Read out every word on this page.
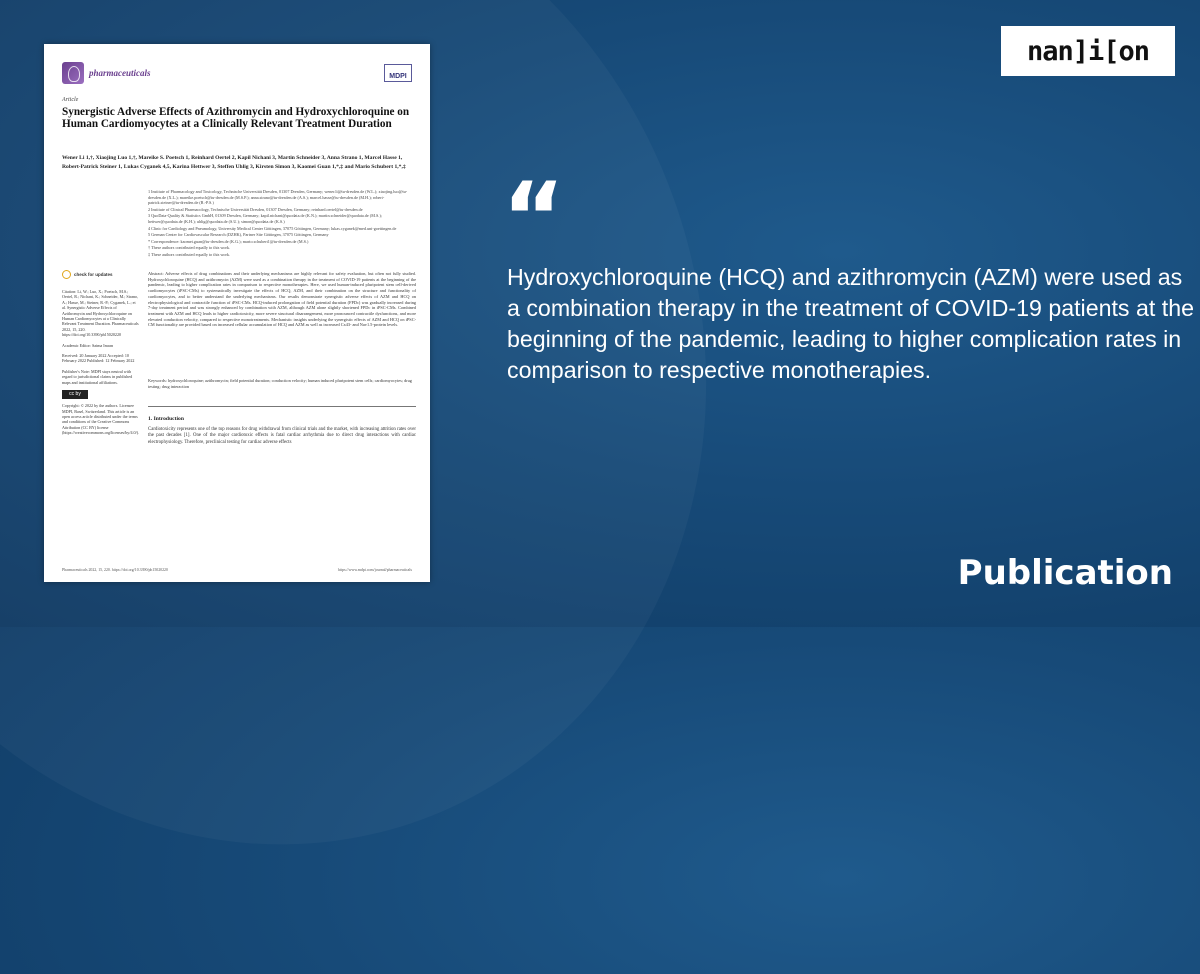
pharmaceuticals	MDPI
Article
Synergistic Adverse Effects of Azithromycin and Hydroxychloroquine on Human Cardiomyocytes at a Clinically Relevant Treatment Duration
Wener Li 1,†, Xiaojing Luo 1,†, Mareike S. Poetsch 1, Reinhard Oertel 2, Kapil Nichani 3, Martin Schneider 3, Anna Strano 1, Marcel Hasse 1, Robert-Patrick Steiner 1, Lukas Cyganek 4,5, Karina Hettwer 3, Steffen Uhlig 3, Kirsten Simon 3, Kaomei Guan 1,*,‡ and Mario Schubert 1,*,‡

1 Institute of Pharmacology and Toxicology, Technische Universität Dresden, 01307 Dresden, Germany; wener.li@tu-dresden.de (W.L.); xiaojing.luo@tu-dresden.de (X.L.); mareike.poetsch@tu-dresden.de (M.S.P.); anna.strano@tu-dresden.de (A.S.); marcel.hasse@tu-dresden.de (M.H.); robert-patrick.steiner@tu-dresden.de (R.-P.S.)

2 Institute of Clinical Pharmacology, Technische Universität Dresden, 01307 Dresden, Germany; reinhard.oertel@tu-dresden.de

3 QuoData-Quality & Statistics GmbH, 01309 Dresden, Germany; kapil.nichani@quodata.de (K.N.); martin.schneider@quodata.de (M.S.); hettwer@quodata.de (K.H.); uhlig@quodata.de (S.U.); simon@quodata.de (K.S.)

4 Clinic for Cardiology and Pneumology, University Medical Center Göttingen, 37075 Göttingen, Germany; lukas.cyganek@med.uni-goettingen.de

5 German Center for Cardiovascular Research (DZHK), Partner Site Göttingen, 37075 Göttingen, Germany

* Correspondence: kaomei.guan@tu-dresden.de (K.G.); mario.schubert1@tu-dresden.de (M.S.)

† These authors contributed equally to this work.

‡ These authors contributed equally to this work.

check for updates

Citation: Li, W.; Luo, X.; Poetsch, M.S.; Oertel, R.; Nichani, K.; Schneider, M.; Strano, A.; Hasse, M.; Steiner, R.-P.; Cyganek, L.; et al. Synergistic Adverse Effects of Azithromycin and Hydroxychloroquine on Human Cardiomyocytes at a Clinically Relevant Treatment Duration. Pharmaceuticals 2022, 15, 220. https://doi.org/10.3390/ph15020220

Academic Editor: Saima Imran

Received: 20 January 2022 Accepted: 10 February 2022 Published: 12 February 2022

Publisher's Note: MDPI stays neutral with regard to jurisdictional claims in published maps and institutional affiliations.

cc by

Copyright: © 2022 by the authors. Licensee MDPI, Basel, Switzerland. This article is an open access article distributed under the terms and conditions of the Creative Commons Attribution (CC BY) license (https://creativecommons.org/licenses/by/4.0/).

Abstract: Adverse effects of drug combinations and their underlying mechanisms are highly relevant for safety evaluation, but often not fully studied. Hydroxychloroquine (HCQ) and azithromycin (AZM) were used as a combination therapy in the treatment of COVID-19 patients at the beginning of the pandemic, leading to higher complication rates in comparison to respective monotherapies. Here, we used human-induced pluripotent stem cell-derived cardiomyocytes (iPSC-CMs) to systematically investigate the effects of HCQ, AZM, and their combination on the structure and functionality of cardiomyocytes, and to better understand the underlying mechanisms. Our results demonstrate synergistic adverse effects of AZM and HCQ on electrophysiological and contractile function of iPSC-CMs. HCQ-induced prolongation of field potential duration (FPDc) was gradually increased during 7-day treatment period and was strongly enhanced by combination with AZM, although AZM alone slightly shortened FPDc in iPSC-CMs. Combined treatment with AZM and HCQ leads to higher cardiotoxicity, more severe structural disarrangement, more pronounced contractile dysfunctions, and more elevated conduction velocity, compared to respective monotreatments. Mechanistic insights underlying the synergistic effects of AZM and HCQ on iPSC-CM functionality are provided based on increased cellular accumulation of HCQ and AZM as well as increased Cx43- and Nav1.5-protein levels.
Keywords: hydroxychloroquine; azithromycin; field potential duration; conduction velocity; human induced pluripotent stem cells; cardiomyocytes; drug testing; drug interaction
1. Introduction
Cardiotoxicity represents one of the top reasons for drug withdrawal from clinical trials and the market, with increasing attrition rates over the past decades [1]. One of the major cardiotoxic effects is fatal cardiac arrhythmia due to direct drug interactions with cardiac electrophysiology. Therefore, preclinical testing for cardiac adverse effects
Pharmaceuticals 2022, 15, 220. https://doi.org/10.3390/ph15020220	https://www.mdpi.com/journal/pharmaceuticals
nan]i[on
“

Hydroxychloroquine (HCQ) and azithromycin (AZM) were used as a combination therapy in the treatment of COVID-19 patients at the beginning of the pandemic, leading to higher complication rates in comparison to respective monotherapies.

Publication
